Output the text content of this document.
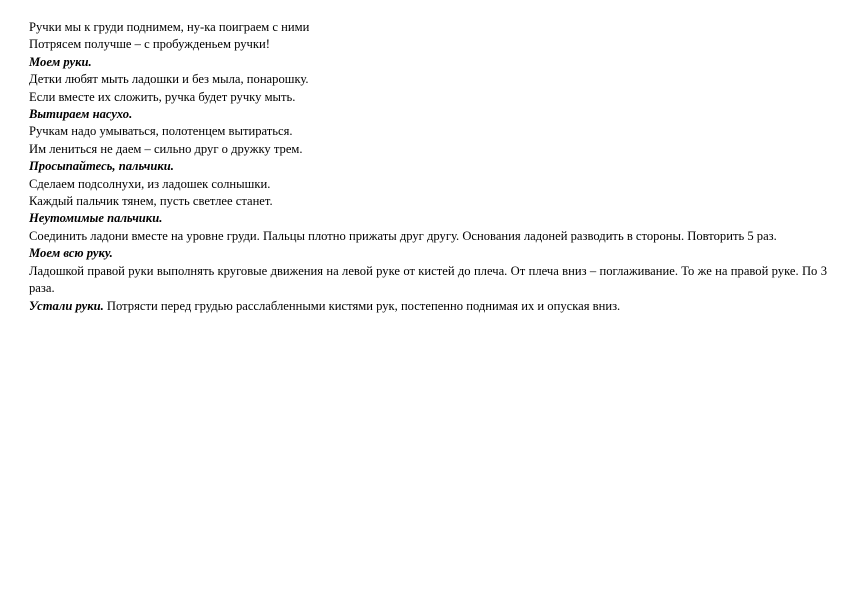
Ручки мы к груди поднимем, ну-ка поиграем с ними
Потрясем получше – с пробужденьем ручки!
Моем руки.
Детки любят мыть ладошки и без мыла, понарошку.
Если вместе их сложить, ручка будет ручку мыть.
Вытираем насухо.
Ручкам надо умываться, полотенцем вытираться.
Им лениться не даем – сильно друг о дружку трем.
Просыпайтесь, пальчики.
Сделаем подсолнухи, из ладошек солнышки.
Каждый пальчик тянем, пусть светлее станет.
Неутомимые пальчики.
Соединить ладони вместе на уровне груди. Пальцы плотно прижаты друг другу. Основания ладоней разводить в стороны. Повторить 5 раз.
Моем всю руку.
Ладошкой правой руки выполнять круговые движения на левой руке от кистей до плеча. От плеча вниз – поглаживание. То же на правой руке. По 3 раза.
Устали руки. Потрясти перед грудью расслабленными кистями рук, постепенно поднимая их и опуская вниз.
